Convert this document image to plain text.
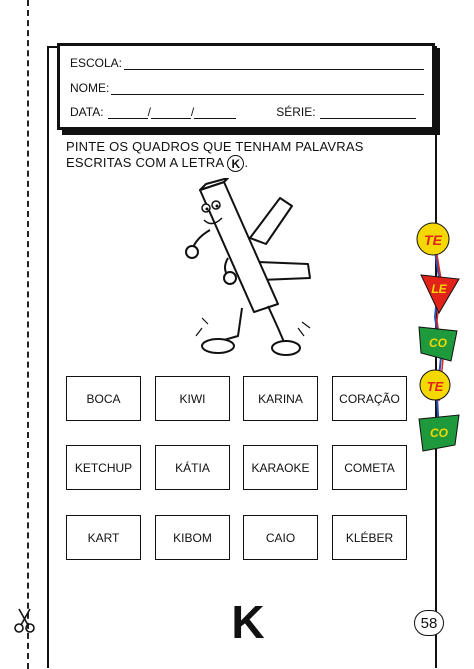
ESCOLA:
NOME:
DATA:	/	/	SÉRIE:
PINTE OS QUADROS QUE TENHAM PALAVRAS
ESCRITAS COM A LETRA K .
BOCA	KIWI	KARINA	CORAÇÃO
KETCHUP	KÁTIA	KARAOKE	COMETA
KART	KIBOM	CAIO	KLÉBER
TE
LE
CO
TE
CO
K	58
